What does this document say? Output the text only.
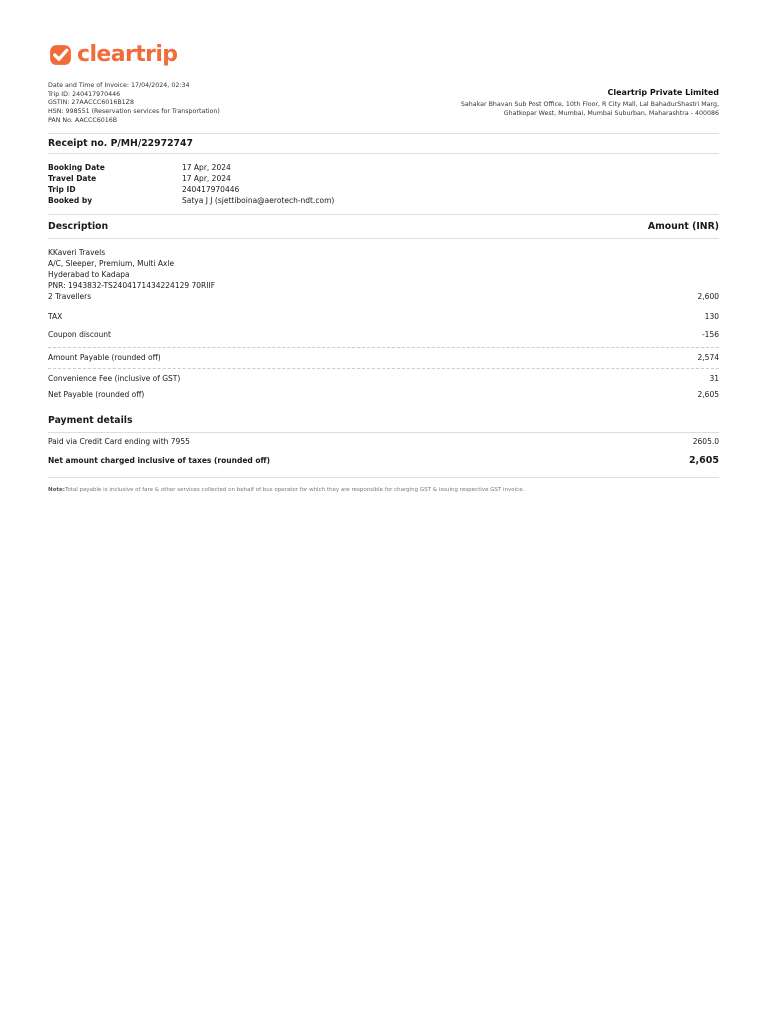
cleartrip
Date and Time of Invoice: 17/04/2024, 02:34
Trip ID: 240417970446
GSTIN: 27AACCC6016B1Z8
HSN: 998551 (Reservation services for Transportation)
PAN No. AACCC6016B
Cleartrip Private Limited
Sahakar Bhavan Sub Post Office, 10th Floor, R City Mall, Lal BahadurShastri Marg,
Ghatkopar West, Mumbai, Mumbai Suburban, Maharashtra - 400086
Receipt no. P/MH/22972747
Booking Date	17 Apr, 2024
Travel Date	17 Apr, 2024
Trip ID	240417970446
Booked by	Satya J J (sjettiboina@aerotech-ndt.com)
Description	Amount (INR)
KKaveri Travels
A/C, Sleeper, Premium, Multi Axle
Hyderabad to Kadapa
PNR: 1943832-TS2404171434224129 70RIIF
2 Travellers	2,600
TAX	130
Coupon discount	-156
Amount Payable (rounded off)	2,574
Convenience Fee (inclusive of GST)	31
Net Payable (rounded off)	2,605
Payment details
Paid via Credit Card ending with 7955	2605.0
Net amount charged inclusive of taxes (rounded off)	2,605
Note:Total payable is inclusive of fare & other services collected on behalf of bus operator for which they are responsible for charging GST & issuing respective GST invoice.
